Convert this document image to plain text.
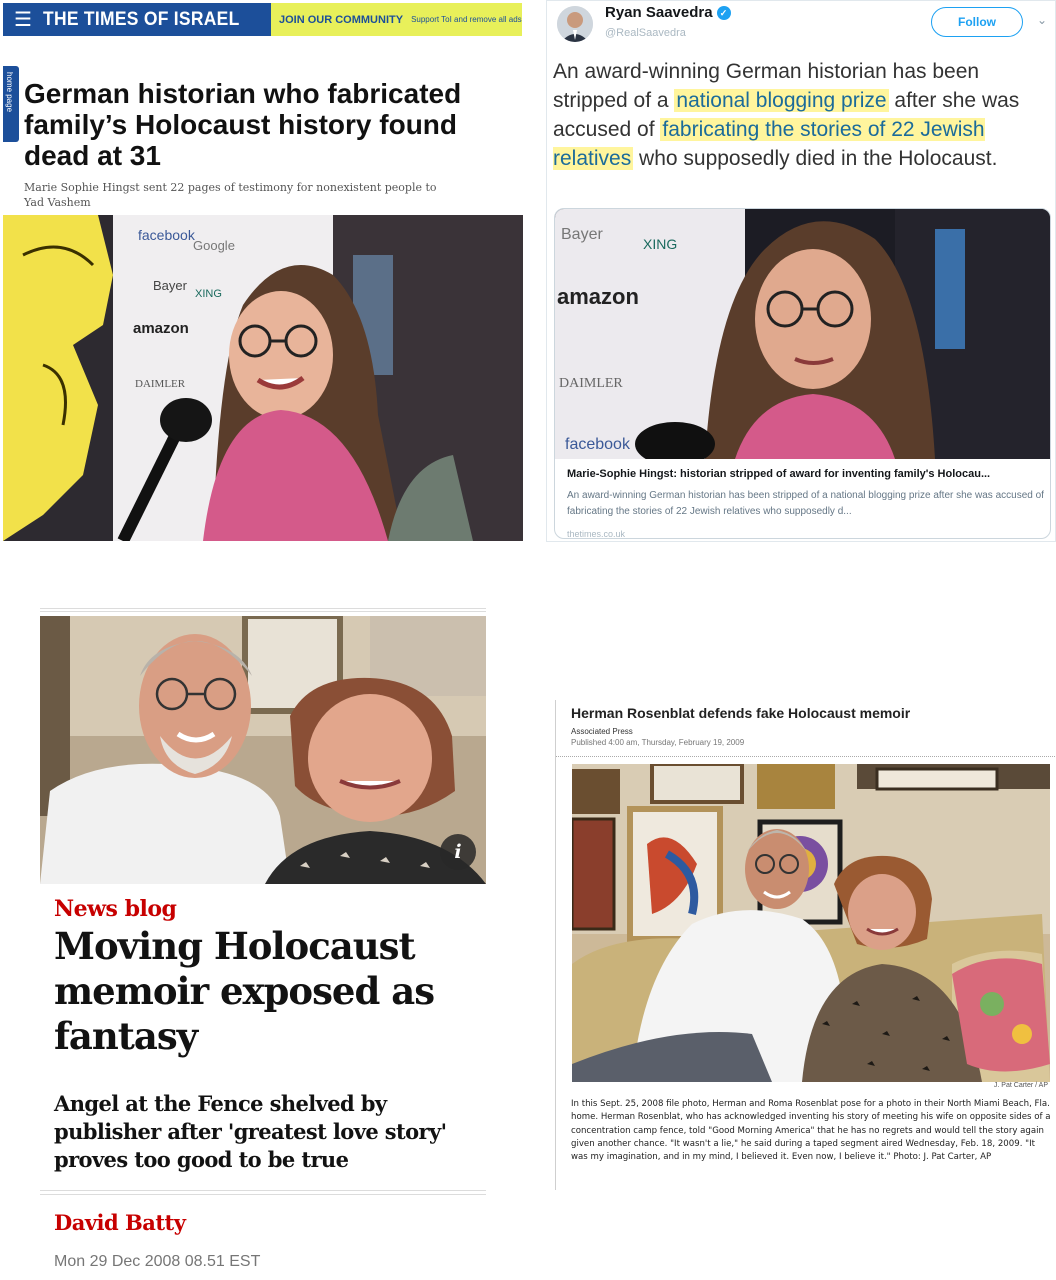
☰ THE TIMES OF ISRAEL	JOIN OUR COMMUNITY Support ToI and remove all ads
home page German historian who fabricated family’s Holocaust history found dead at 31

Marie Sophie Hingst sent 22 pages of testimony for nonexistent people to Yad Vashem

facebook
Google
Bayer
XING
amazon
DAIMLER
Ryan Saavedra ✓
@RealSaavedra
Follow	⌄

An award-winning German historian has been stripped of a national blogging prize after she was accused of fabricating the stories of 22 Jewish relatives who supposedly died in the Holocaust.

Bayer
XING
amazon
DAIMLER
facebook
Marie-Sophie Hingst: historian stripped of award for inventing family's Holocau...
An award-winning German historian has been stripped of a national blogging prize after she was accused of fabricating the stories of 22 Jewish relatives who supposedly d...
thetimes.co.uk
i
News blog
Moving Holocaust memoir exposed as fantasy

Angel at the Fence shelved by publisher after 'greatest love story' proves too good to be true

David Batty
Mon 29 Dec 2008 08.51 EST
Herman Rosenblat defends fake Holocaust memoir
Associated Press
Published 4:00 am, Thursday, February 19, 2009
J. Pat Carter / AP

In this Sept. 25, 2008 file photo, Herman and Roma Rosenblat pose for a photo in their North Miami Beach, Fla. home. Herman Rosenblat, who has acknowledged inventing his story of meeting his wife on opposite sides of a concentration camp fence, told "Good Morning America" that he has no regrets and would tell the story again given another chance. "It wasn't a lie," he said during a taped segment aired Wednesday, Feb. 18, 2009. "It was my imagination, and in my mind, I believed it. Even now, I believe it." Photo: J. Pat Carter, AP
